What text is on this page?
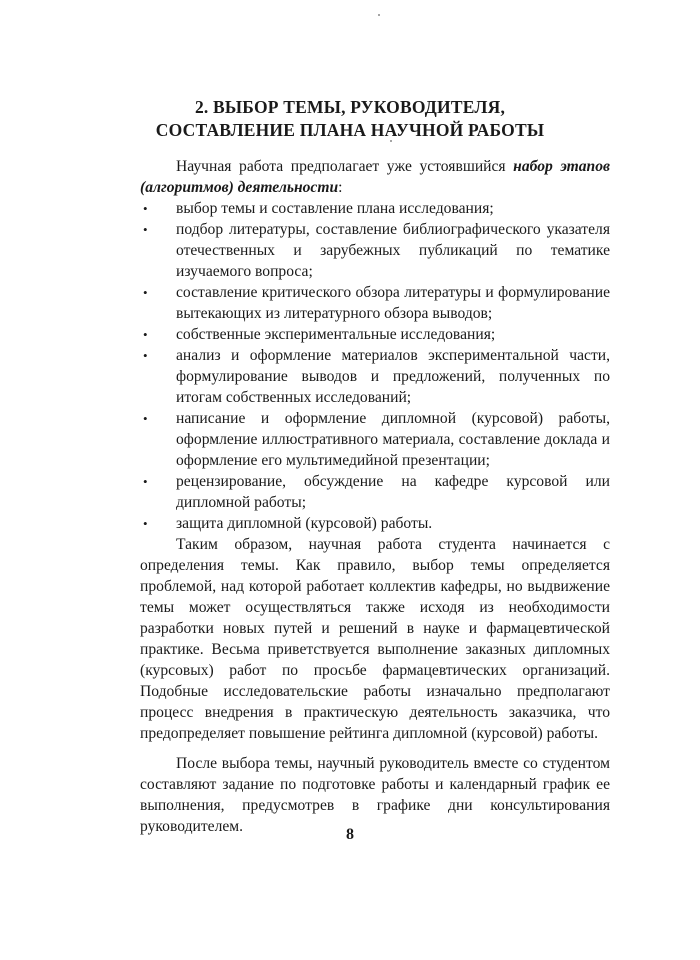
2. ВЫБОР ТЕМЫ, РУКОВОДИТЕЛЯ,
СОСТАВЛЕНИЕ ПЛАНА НАУЧНОЙ РАБОТЫ

Научная работа предполагает уже устоявшийся набор этапов (алгоритмов) деятельности:

• выбор темы и составление плана исследования;
• подбор литературы, составление библиографического указателя отечественных и зарубежных публикаций по тематике изучаемого вопроса;
• составление критического обзора литературы и формулирование вытекающих из литературного обзора выводов;
• собственные экспериментальные исследования;
• анализ и оформление материалов экспериментальной части, формулирование выводов и предложений, полученных по итогам собственных исследований;
• написание и оформление дипломной (курсовой) работы, оформление иллюстративного материала, составление доклада и оформление его мультимедийной презентации;
• рецензирование, обсуждение на кафедре курсовой или дипломной работы;
• защита дипломной (курсовой) работы.

Таким образом, научная работа студента начинается с определения темы. Как правило, выбор темы определяется проблемой, над которой работает коллектив кафедры, но выдвижение темы может осуществляться также исходя из необходимости разработки новых путей и решений в науке и фармацевтической практике. Весьма приветствуется выполнение заказных дипломных (курсовых) работ по просьбе фармацевтических организаций. Подобные исследовательские работы изначально предполагают процесс внедрения в практическую деятельность заказчика, что предопределяет повышение рейтинга дипломной (курсовой) работы.

После выбора темы, научный руководитель вместе со студентом составляют задание по подготовке работы и календарный график ее выполнения, предусмотрев в графике дни консультирования руководителем.	8
